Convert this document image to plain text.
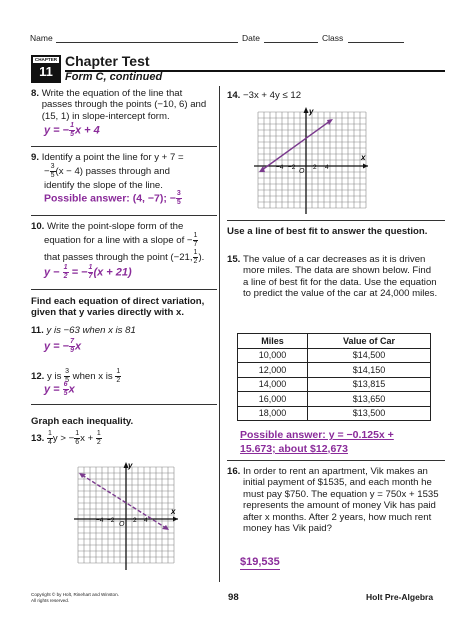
Name	Date	Class
CHAPTER
11
Chapter Test
Form C, continued
8. Write the equation of the line that passes through the points (−10, 6) and (15, 1) in slope-intercept form.
y = − $\frac{1}{5}$ x + 4
9. Identify a point the line for y + 7 =
− $\frac{3}{5} (x - 4)$ passes through and
identify the slope of the line.
Possible answer: (4, −7); − $\frac{3}{5}$
10. Write the point-slope form of the
equation for a line with a slope of − $\frac{1}{7}$
that passes through the point (−21, $\frac{1}{2}$ ).
$y - \frac{1}{2}$ = − $\frac{1}{7} (x + 21)$
Find each equation of direct variation, given that y varies directly with x.
11. y is −63 when x is 81
y = − $\frac{7}{9}$ x
12. y is $\frac{3}{5}$ when x is $\frac{1}{2}$
$y = \frac{6}{5}$ x
Graph each inequality.
13. $\frac{1}{4}$ y > − $\frac{1}{6}$ $x + \frac{1}{2}$
y
x
−4 −2
O
2 4
14. −3x + 4y ≤ 12
y
x
−4 −2
O
2 4
Use a line of best fit to answer the question.
15. The value of a car decreases as it is driven more miles. The data are shown below. Find a line of best fit for the data. Use the equation to predict the value of the car at 24,000 miles.
Miles	Value of Car
10,000	$14,500
12,000	$14,150
14,000	$13,815
16,000	$13,650
18,000	$13,500
Possible answer: y = −0.125x +
15.673; about $12,673
16. In order to rent an apartment, Vik makes an initial payment of $1535, and each month he must pay $750. The equation y = 750x + 1535 represents the amount of money Vik has paid after x months. After 2 years, how much rent money has Vik paid?
$19,535
Copyright © by Holt, Rinehart and Winston.
All rights reserved.	98	Holt Pre-Algebra
